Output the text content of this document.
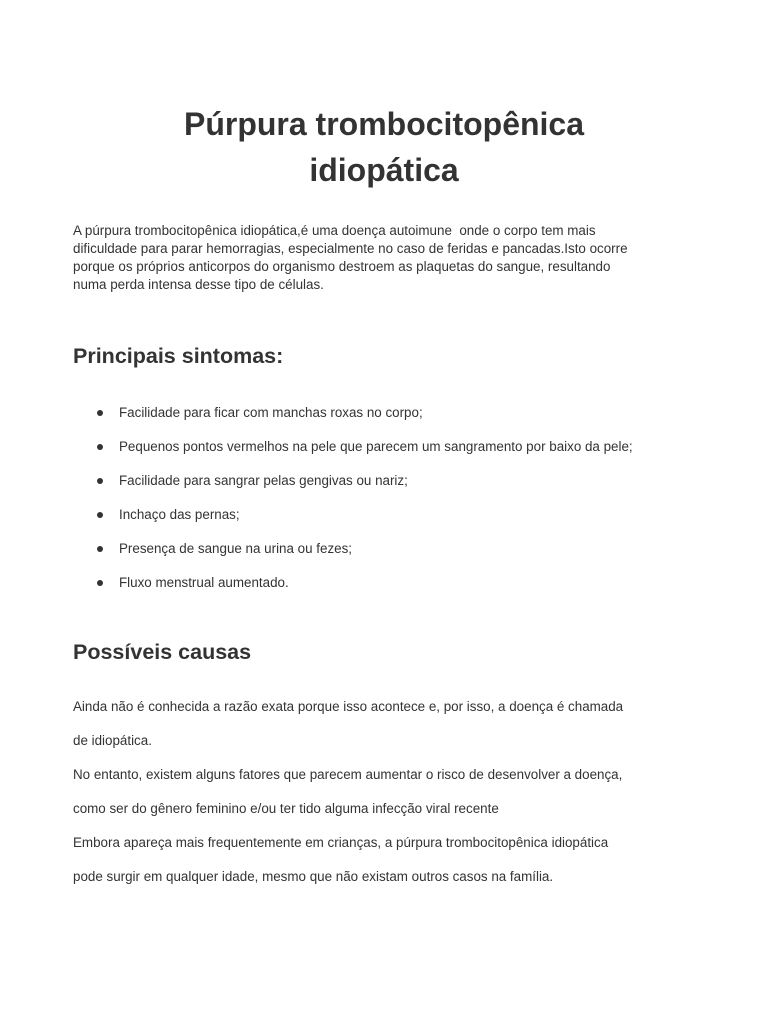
Púrpura trombocitopênica
idiopática

A púrpura trombocitopênica idiopática,é uma doença autoimune  onde o corpo tem mais
dificuldade para parar hemorragias, especialmente no caso de feridas e pancadas.Isto ocorre
porque os próprios anticorpos do organismo destroem as plaquetas do sangue, resultando
numa perda intensa desse tipo de células.

Principais sintomas:
Facilidade para ficar com manchas roxas no corpo;
Pequenos pontos vermelhos na pele que parecem um sangramento por baixo da pele;
Facilidade para sangrar pelas gengivas ou nariz;
Inchaço das pernas;
Presença de sangue na urina ou fezes;
Fluxo menstrual aumentado.
Possíveis causas

Ainda não é conhecida a razão exata porque isso acontece e, por isso, a doença é chamada

de idiopática.

No entanto, existem alguns fatores que parecem aumentar o risco de desenvolver a doença,

como ser do gênero feminino e/ou ter tido alguma infecção viral recente

Embora apareça mais frequentemente em crianças, a púrpura trombocitopênica idiopática

pode surgir em qualquer idade, mesmo que não existam outros casos na família.
